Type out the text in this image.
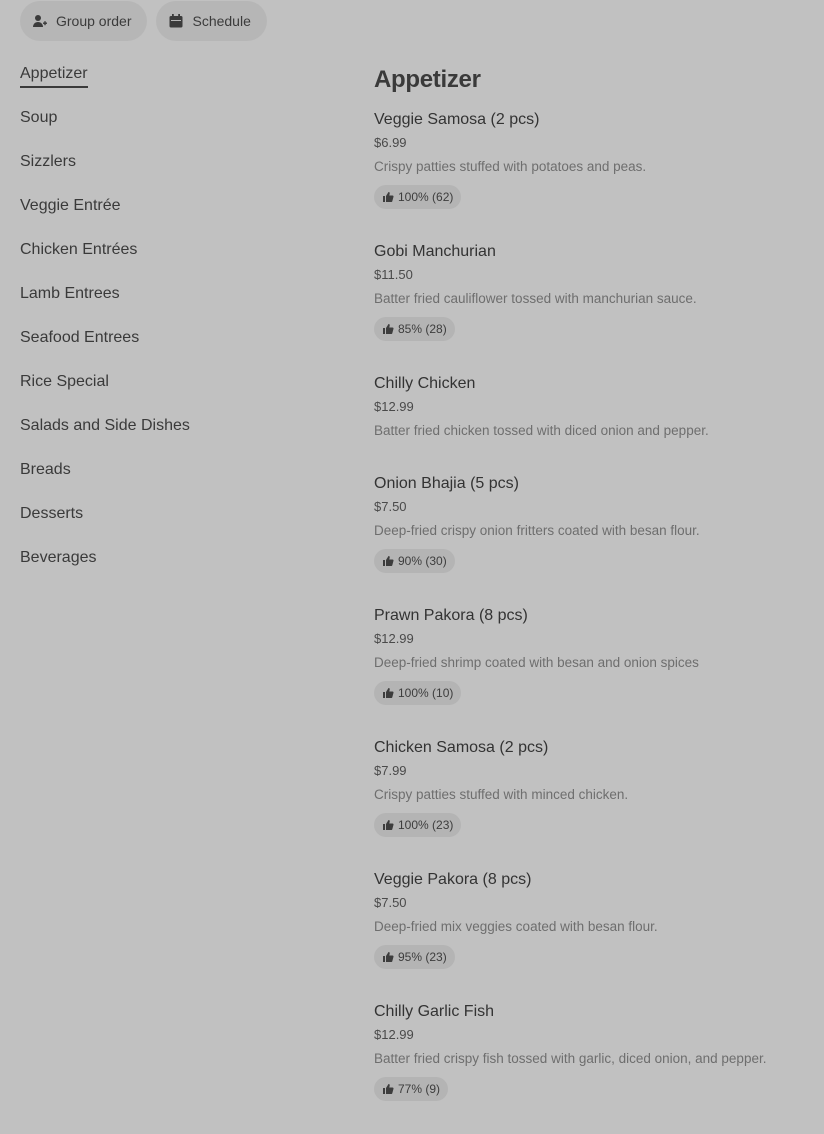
Group order	Schedule
Appetizer
Soup
Sizzlers
Veggie Entrée
Chicken Entrées
Lamb Entrees
Seafood Entrees
Rice Special
Salads and Side Dishes
Breads
Desserts
Beverages
Appetizer
Veggie Samosa (2 pcs)
$6.99
Crispy patties stuffed with potatoes and peas.
100% (62)
Gobi Manchurian
$11.50
Batter fried cauliflower tossed with manchurian sauce.
85% (28)
Chilly Chicken
$12.99
Batter fried chicken tossed with diced onion and pepper.
Onion Bhajia (5 pcs)
$7.50
Deep-fried crispy onion fritters coated with besan flour.
90% (30)
Prawn Pakora (8 pcs)
$12.99
Deep-fried shrimp coated with besan and onion spices
100% (10)
Chicken Samosa (2 pcs)
$7.99
Crispy patties stuffed with minced chicken.
100% (23)
Veggie Pakora (8 pcs)
$7.50
Deep-fried mix veggies coated with besan flour.
95% (23)
Chilly Garlic Fish
$12.99
Batter fried crispy fish tossed with garlic, diced onion, and pepper.
77% (9)
